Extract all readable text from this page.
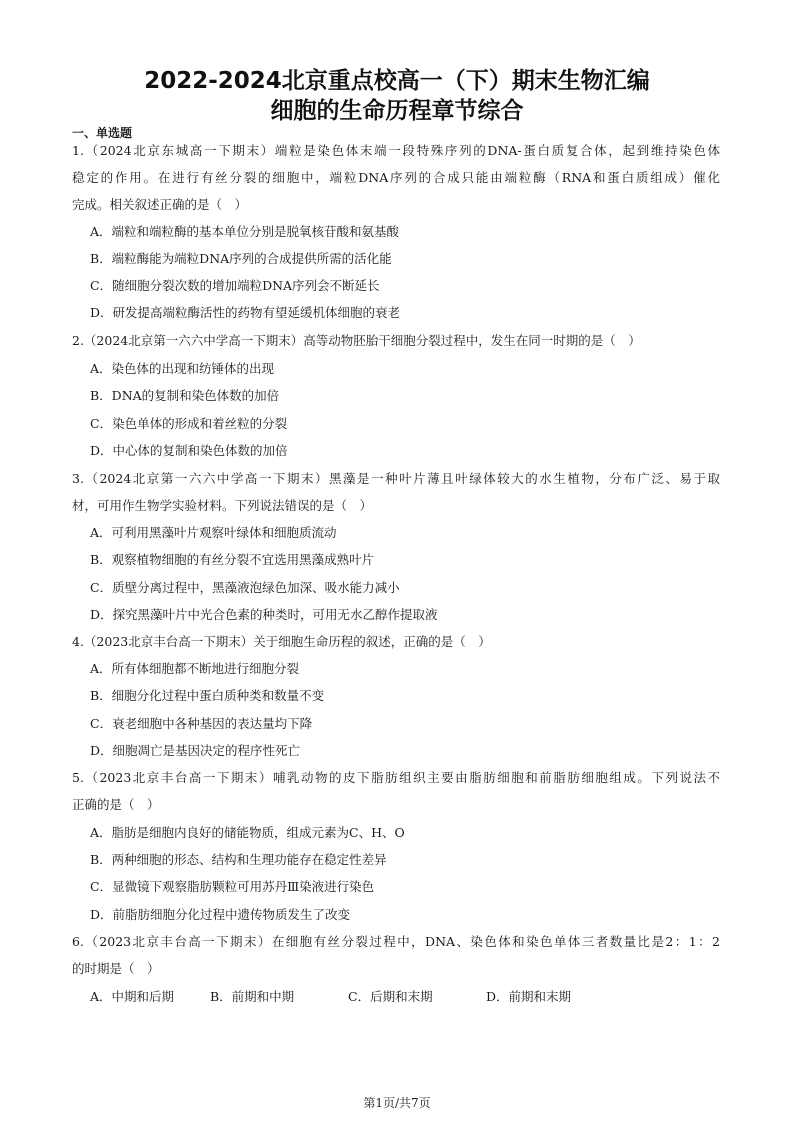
2022-2024北京重点校高一（下）期末生物汇编
细胞的生命历程章节综合
一、单选题
1.（2024北京东城高一下期末）端粒是染色体末端一段特殊序列的DNA-蛋白质复合体，起到维持染色体
稳定的作用。在进行有丝分裂的细胞中，端粒DNA序列的合成只能由端粒酶（RNA和蛋白质组成）催化
完成。相关叙述正确的是（　）
A．端粒和端粒酶的基本单位分别是脱氧核苷酸和氨基酸
B．端粒酶能为端粒DNA序列的合成提供所需的活化能
C．随细胞分裂次数的增加端粒DNA序列会不断延长
D．研发提高端粒酶活性的药物有望延缓机体细胞的衰老
2.（2024北京第一六六中学高一下期末）高等动物胚胎干细胞分裂过程中，发生在同一时期的是（　）
A．染色体的出现和纺锤体的出现
B．DNA的复制和染色体数的加倍
C．染色单体的形成和着丝粒的分裂
D．中心体的复制和染色体数的加倍
3.（2024北京第一六六中学高一下期末）黑藻是一种叶片薄且叶绿体较大的水生植物，分布广泛、易于取
材，可用作生物学实验材料。下列说法错误的是（　）
A．可利用黑藻叶片观察叶绿体和细胞质流动
B．观察植物细胞的有丝分裂不宜选用黑藻成熟叶片
C．质壁分离过程中，黑藻液泡绿色加深、吸水能力减小
D．探究黑藻叶片中光合色素的种类时，可用无水乙醇作提取液
4.（2023北京丰台高一下期末）关于细胞生命历程的叙述，正确的是（　）
A．所有体细胞都不断地进行细胞分裂
B．细胞分化过程中蛋白质种类和数量不变
C．衰老细胞中各种基因的表达量均下降
D．细胞凋亡是基因决定的程序性死亡
5.（2023北京丰台高一下期末）哺乳动物的皮下脂肪组织主要由脂肪细胞和前脂肪细胞组成。下列说法不
正确的是（　）
A．脂肪是细胞内良好的储能物质，组成元素为C、H、O
B．两种细胞的形态、结构和生理功能存在稳定性差异
C．显微镜下观察脂肪颗粒可用苏丹Ⅲ染液进行染色
D．前脂肪细胞分化过程中遗传物质发生了改变
6.（2023北京丰台高一下期末）在细胞有丝分裂过程中，DNA、染色体和染色单体三者数量比是2：1：2
的时期是（　）
A．中期和后期	B．前期和中期	C．后期和末期	D．前期和末期
第1页/共7页
